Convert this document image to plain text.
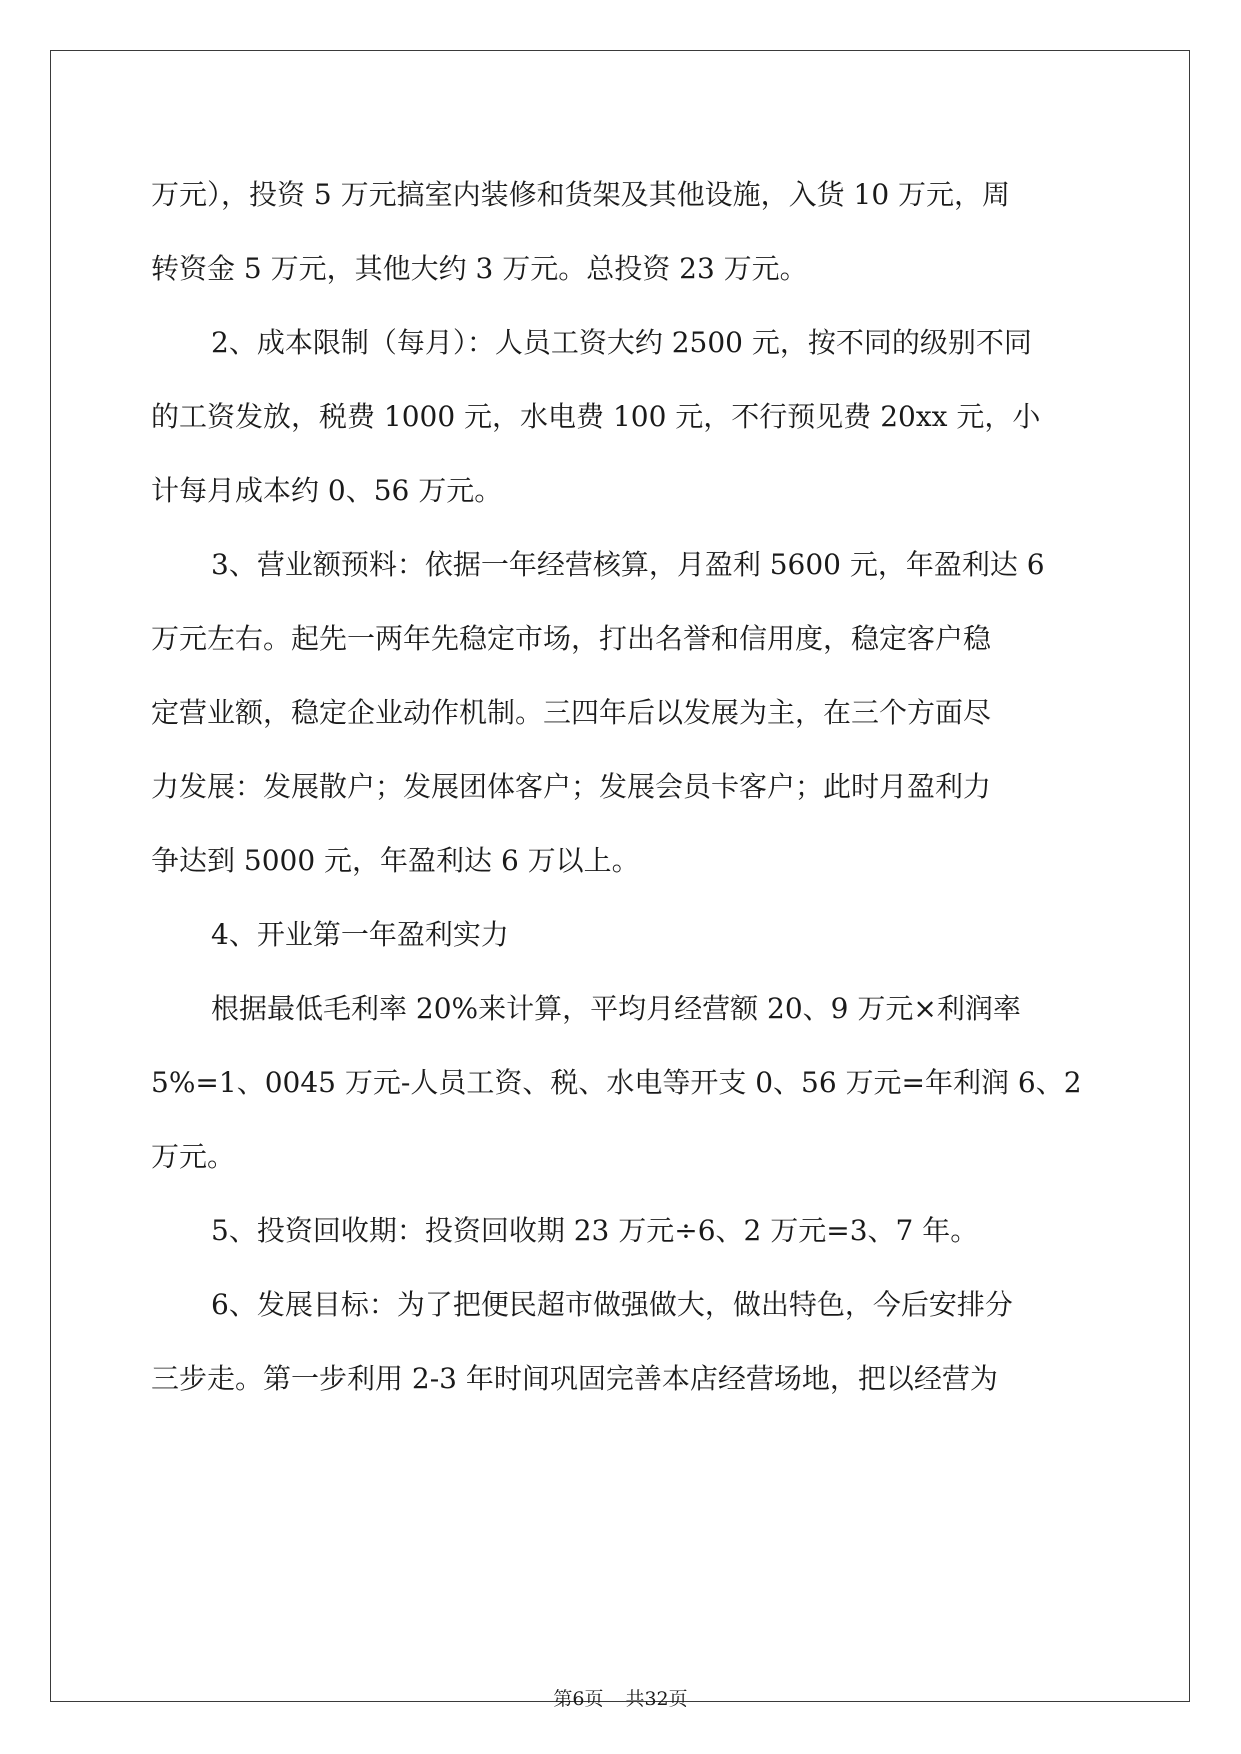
万元），投资 5 万元搞室内装修和货架及其他设施，入货 10 万元，周
转资金 5 万元，其他大约 3 万元。总投资 23 万元。

2、成本限制（每月）：人员工资大约 2500 元，按不同的级别不同
的工资发放，税费 1000 元，水电费 100 元，不行预见费 20xx 元，小
计每月成本约 0、56 万元。

3、营业额预料：依据一年经营核算，月盈利 5600 元，年盈利达 6
万元左右。起先一两年先稳定市场，打出名誉和信用度，稳定客户稳
定营业额，稳定企业动作机制。三四年后以发展为主，在三个方面尽
力发展：发展散户；发展团体客户；发展会员卡客户；此时月盈利力
争达到 5000 元，年盈利达 6 万以上。

4、开业第一年盈利实力

根据最低毛利率 20%来计算，平均月经营额 20、9 万元×利润率
5%=1、0045 万元-人员工资、税、水电等开支 0、56 万元=年利润 6、2
万元。

5、投资回收期：投资回收期 23 万元÷6、2 万元=3、7 年。

6、发展目标：为了把便民超市做强做大，做出特色，今后安排分
三步走。第一步利用 2-3 年时间巩固完善本店经营场地，把以经营为

第6页 共32页
